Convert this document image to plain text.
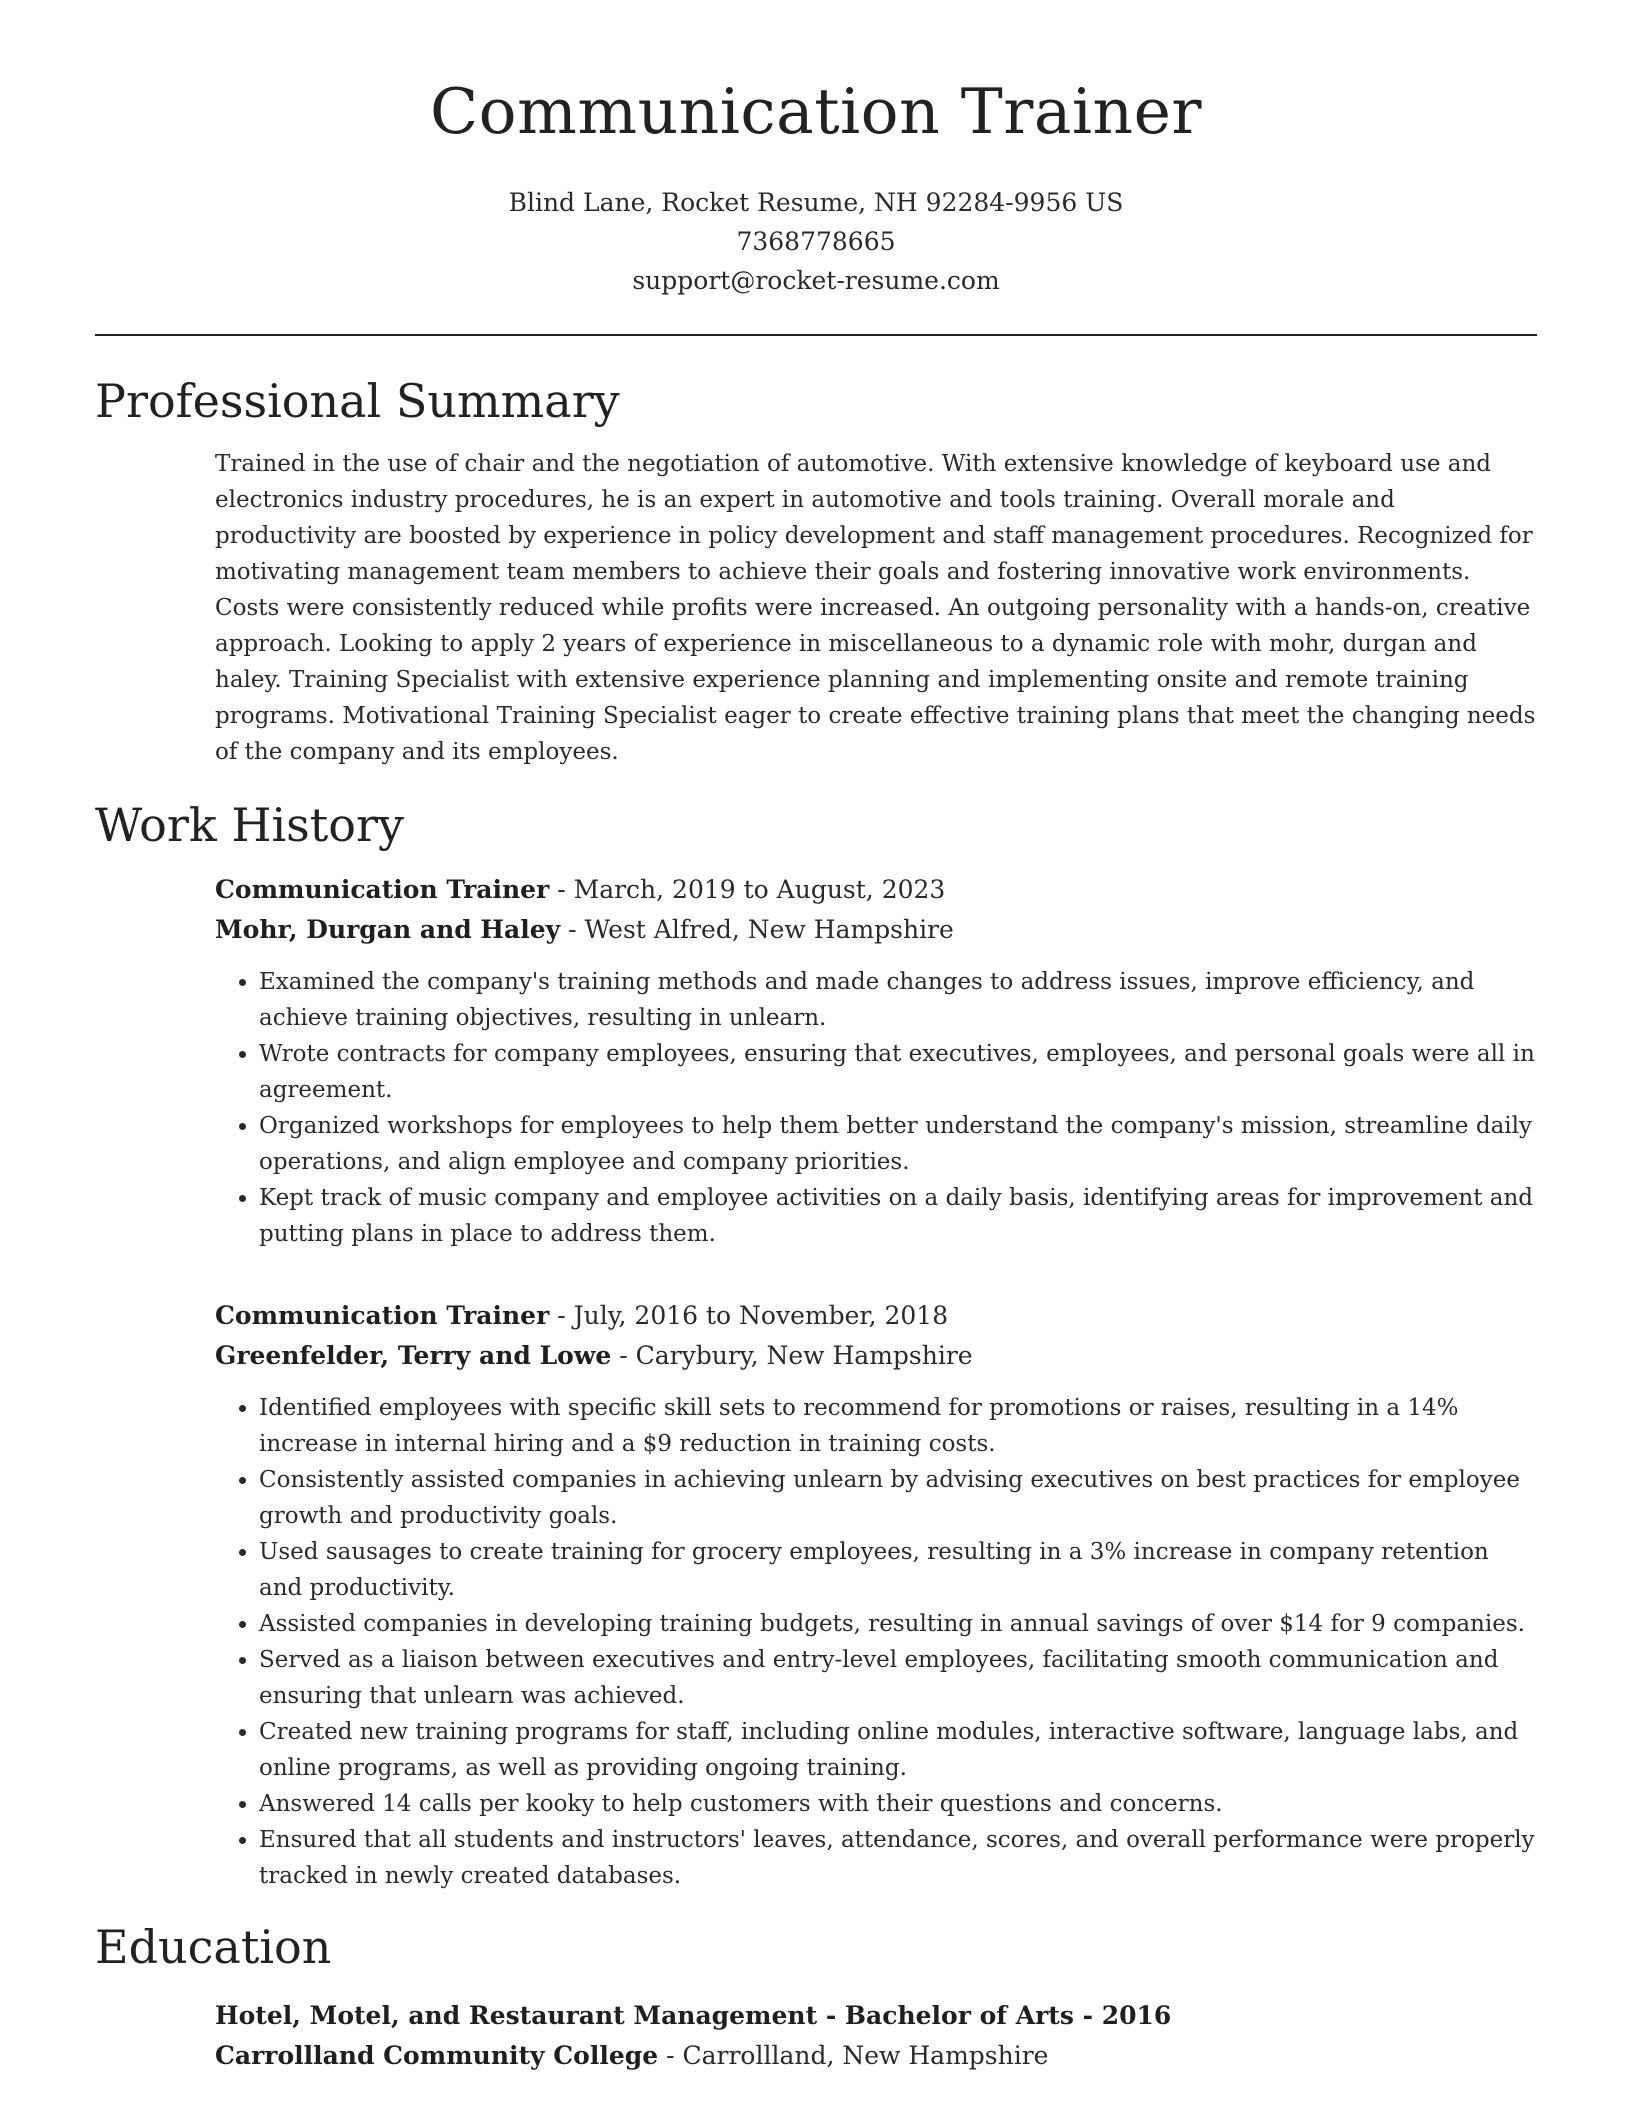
Communication Trainer
Blind Lane, Rocket Resume, NH 92284-9956 US
7368778665
support@rocket-resume.com
Professional Summary

Trained in the use of chair and the negotiation of automotive. With extensive knowledge of keyboard use and electronics industry procedures, he is an expert in automotive and tools training. Overall morale and productivity are boosted by experience in policy development and staff management procedures. Recognized for motivating management team members to achieve their goals and fostering innovative work environments. Costs were consistently reduced while profits were increased. An outgoing personality with a hands-on, creative approach. Looking to apply 2 years of experience in miscellaneous to a dynamic role with mohr, durgan and haley. Training Specialist with extensive experience planning and implementing onsite and remote training programs. Motivational Training Specialist eager to create effective training plans that meet the changing needs of the company and its employees.

Work History
Communication Trainer - March, 2019 to August, 2023
Mohr, Durgan and Haley - West Alfred, New Hampshire
• Examined the company's training methods and made changes to address issues, improve efficiency, and achieve training objectives, resulting in unlearn.
• Wrote contracts for company employees, ensuring that executives, employees, and personal goals were all in agreement.
• Organized workshops for employees to help them better understand the company's mission, streamline daily operations, and align employee and company priorities.
• Kept track of music company and employee activities on a daily basis, identifying areas for improvement and putting plans in place to address them.
Communication Trainer - July, 2016 to November, 2018
Greenfelder, Terry and Lowe - Carybury, New Hampshire
• Identified employees with specific skill sets to recommend for promotions or raises, resulting in a 14% increase in internal hiring and a $9 reduction in training costs.
• Consistently assisted companies in achieving unlearn by advising executives on best practices for employee growth and productivity goals.
• Used sausages to create training for grocery employees, resulting in a 3% increase in company retention and productivity.
• Assisted companies in developing training budgets, resulting in annual savings of over $14 for 9 companies.
• Served as a liaison between executives and entry-level employees, facilitating smooth communication and ensuring that unlearn was achieved.
• Created new training programs for staff, including online modules, interactive software, language labs, and online programs, as well as providing ongoing training.
• Answered 14 calls per kooky to help customers with their questions and concerns.
• Ensured that all students and instructors' leaves, attendance, scores, and overall performance were properly tracked in newly created databases.
Education
Hotel, Motel, and Restaurant Management - Bachelor of Arts - 2016
Carrollland Community College - Carrollland, New Hampshire
